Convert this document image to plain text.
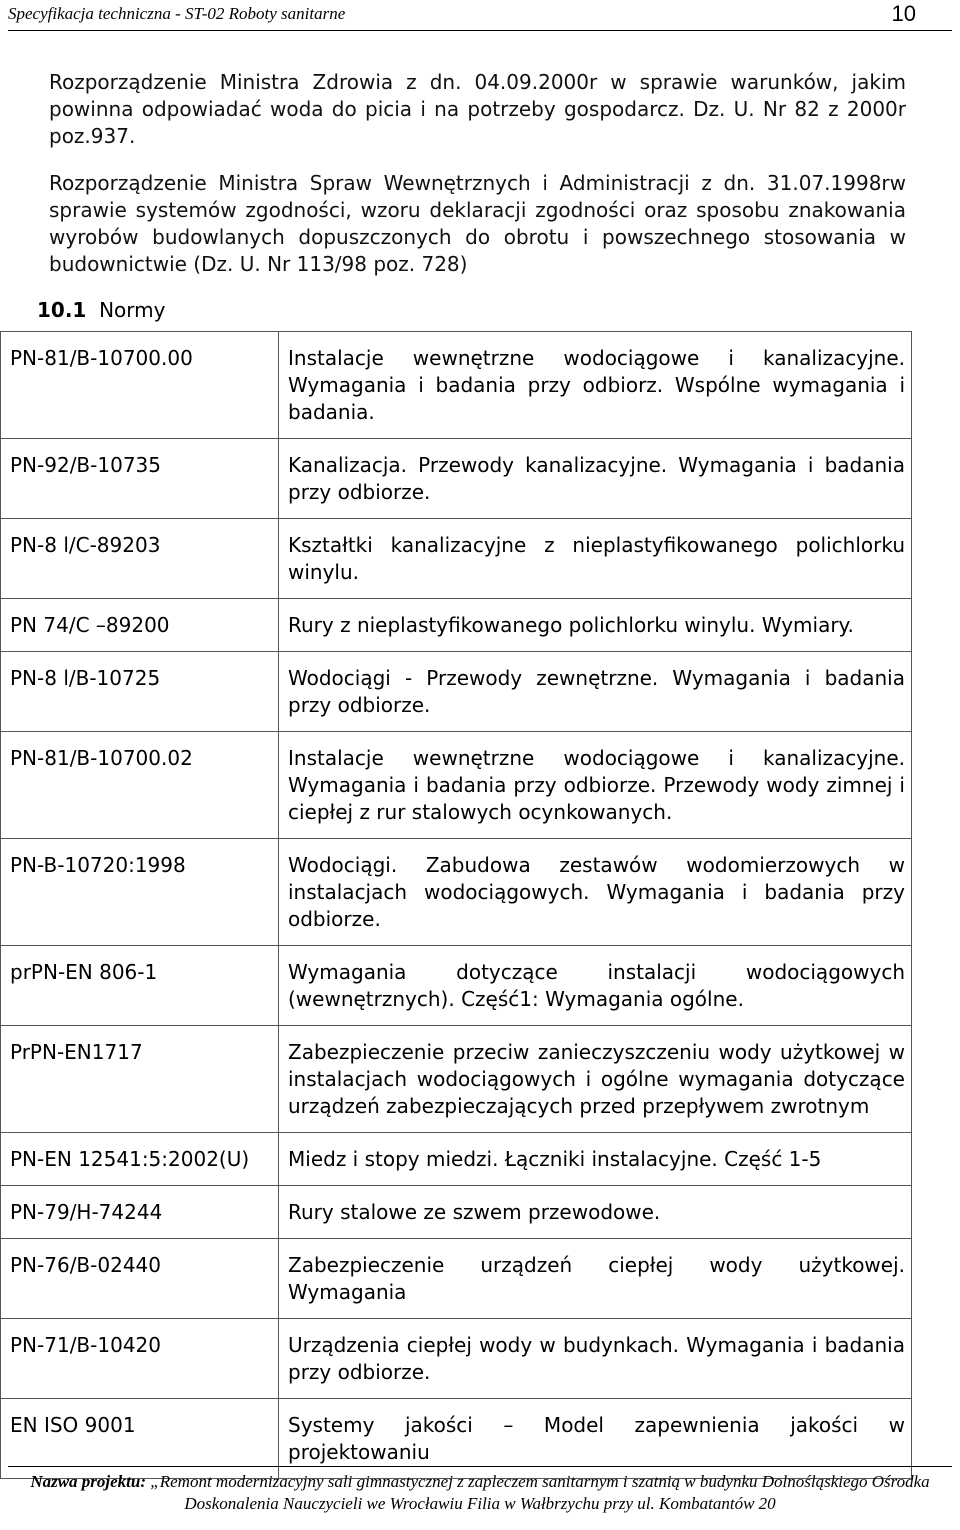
Specyfikacja techniczna - ST-02 Roboty sanitarne	10
Rozporządzenie Ministra Zdrowia z dn. 04.09.2000r w sprawie warunków, jakim powinna odpowiadać woda do picia i na potrzeby gospodarcz. Dz. U. Nr 82 z 2000r poz.937.
Rozporządzenie Ministra Spraw Wewnętrznych i Administracji z dn. 31.07.1998rw sprawie systemów zgodności, wzoru deklaracji zgodności oraz sposobu znakowania wyrobów budowlanych dopuszczonych do obrotu i powszechnego stosowania w budownictwie (Dz. U. Nr 113/98 poz. 728)
10.1 Normy
PN-81/B-10700.00	Instalacje wewnętrzne wodociągowe i kanalizacyjne. Wymagania i badania przy odbiorz. Wspólne wymagania i badania.
PN-92/B-10735	Kanalizacja. Przewody kanalizacyjne. Wymagania i badania przy odbiorze.
PN-8 l/C-89203	Kształtki kanalizacyjne z nieplastyfikowanego polichlorku winylu.
PN 74/C –89200	Rury z nieplastyfikowanego polichlorku winylu. Wymiary.
PN-8 l/B-10725	Wodociągi - Przewody zewnętrzne. Wymagania i badania przy odbiorze.
PN-81/B-10700.02	Instalacje wewnętrzne wodociągowe i kanalizacyjne. Wymagania i badania przy odbiorze. Przewody wody zimnej i ciepłej z rur stalowych ocynkowanych.
PN-B-10720:1998	Wodociągi. Zabudowa zestawów wodomierzowych w instalacjach wodociągowych. Wymagania i badania przy odbiorze.
prPN-EN 806-1	Wymagania dotyczące instalacji wodociągowych (wewnętrznych). Część1: Wymagania ogólne.
PrPN-EN1717	Zabezpieczenie przeciw zanieczyszczeniu wody użytkowej w instalacjach wodociągowych i ogólne wymagania dotyczące urządzeń zabezpieczających przed przepływem zwrotnym
PN-EN 12541:5:2002(U)	Miedz i stopy miedzi. Łączniki instalacyjne. Część 1-5
PN-79/H-74244	Rury stalowe ze szwem przewodowe.
PN-76/B-02440	Zabezpieczenie urządzeń ciepłej wody użytkowej. Wymagania
PN-71/B-10420	Urządzenia ciepłej wody w budynkach. Wymagania i badania przy odbiorze.
EN ISO 9001	Systemy jakości – Model zapewnienia jakości w projektowaniu
Nazwa projektu: „Remont modernizacyjny sali gimnastycznej z zapleczem sanitarnym i szatnią w budynku Dolnośląskiego Ośrodka Doskonalenia Nauczycieli we Wrocławiu Filia w Wałbrzychu przy ul. Kombatantów 20
